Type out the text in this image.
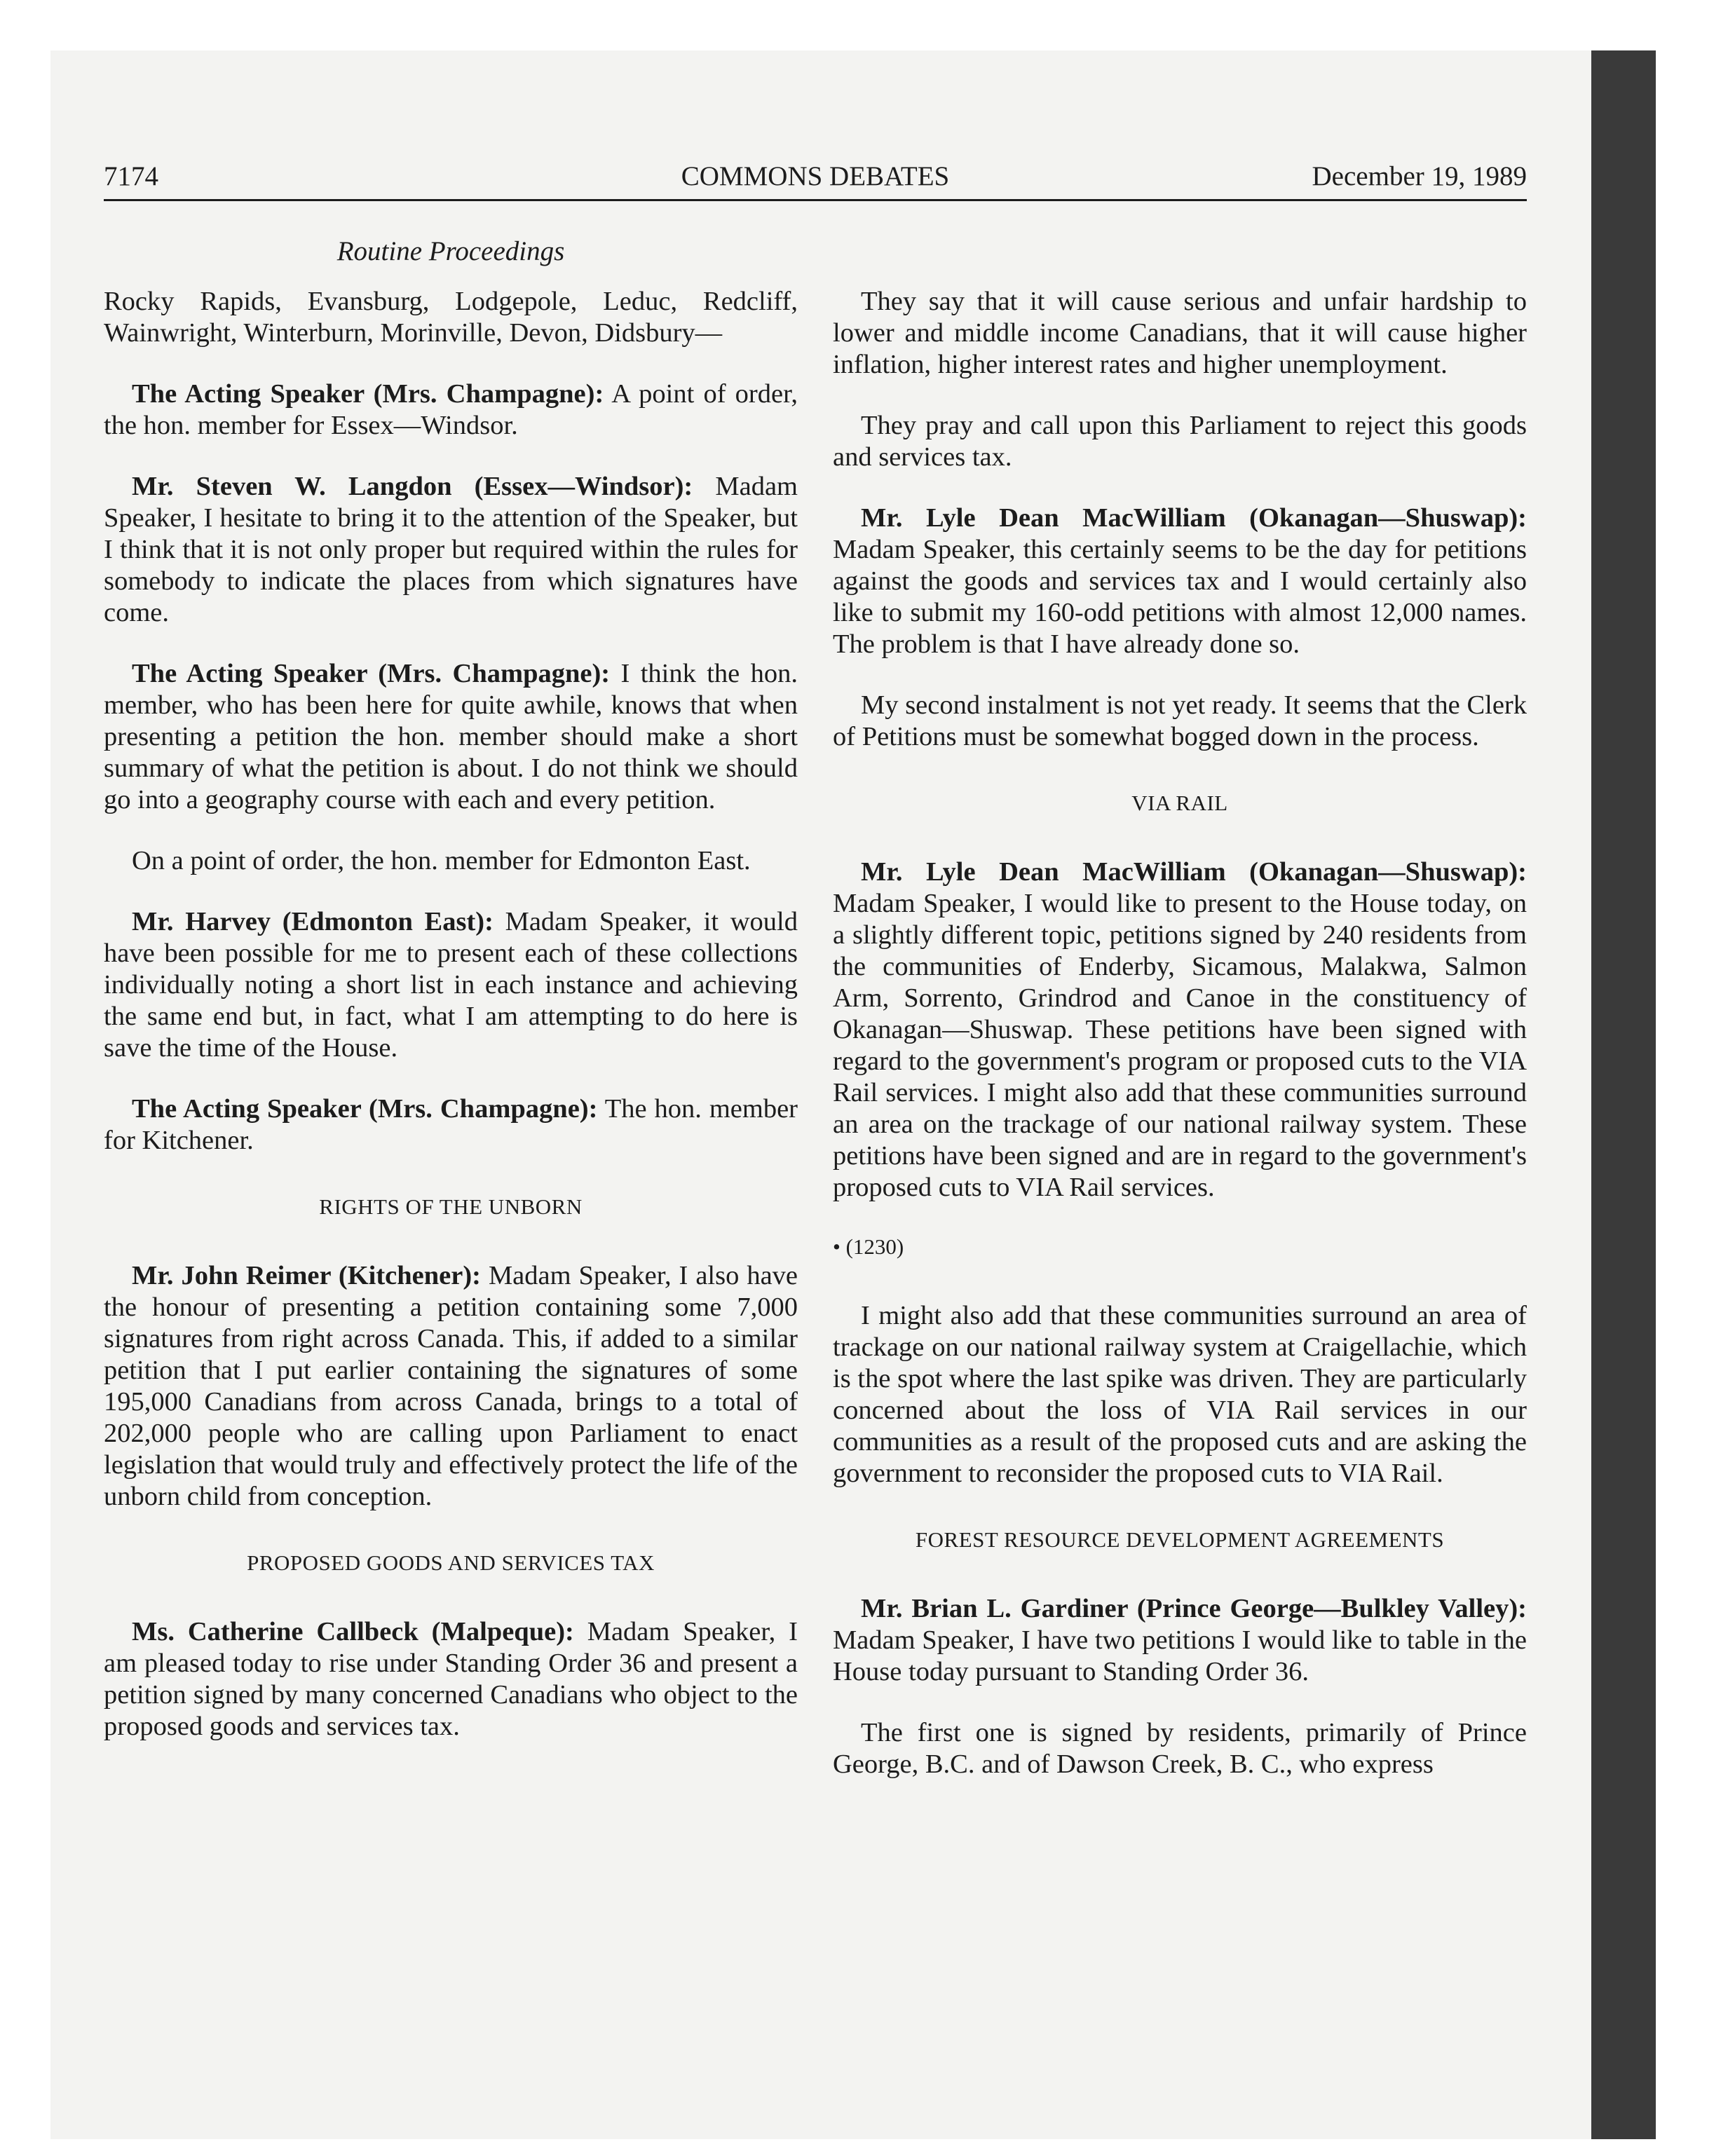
7174	COMMONS DEBATES	December 19, 1989
Routine Proceedings

Rocky Rapids, Evansburg, Lodgepole, Leduc, Redcliff, Wainwright, Winterburn, Morinville, Devon, Didsbury—

The Acting Speaker (Mrs. Champagne): A point of order, the hon. member for Essex—Windsor.

Mr. Steven W. Langdon (Essex—Windsor): Madam Speaker, I hesitate to bring it to the attention of the Speaker, but I think that it is not only proper but required within the rules for somebody to indicate the places from which signatures have come.

The Acting Speaker (Mrs. Champagne): I think the hon. member, who has been here for quite awhile, knows that when presenting a petition the hon. member should make a short summary of what the petition is about. I do not think we should go into a geography course with each and every petition.

On a point of order, the hon. member for Edmonton East.

Mr. Harvey (Edmonton East): Madam Speaker, it would have been possible for me to present each of these collections individually noting a short list in each instance and achieving the same end but, in fact, what I am attempting to do here is save the time of the House.

The Acting Speaker (Mrs. Champagne): The hon. member for Kitchener.

RIGHTS OF THE UNBORN

Mr. John Reimer (Kitchener): Madam Speaker, I also have the honour of presenting a petition containing some 7,000 signatures from right across Canada. This, if added to a similar petition that I put earlier containing the signatures of some 195,000 Canadians from across Canada, brings to a total of 202,000 people who are calling upon Parliament to enact legislation that would truly and effectively protect the life of the unborn child from conception.

PROPOSED GOODS AND SERVICES TAX

Ms. Catherine Callbeck (Malpeque): Madam Speaker, I am pleased today to rise under Standing Order 36 and present a petition signed by many concerned Canadians who object to the proposed goods and services tax.

They say that it will cause serious and unfair hardship to lower and middle income Canadians, that it will cause higher inflation, higher interest rates and higher unemployment.

They pray and call upon this Parliament to reject this goods and services tax.

Mr. Lyle Dean MacWilliam (Okanagan—Shuswap): Madam Speaker, this certainly seems to be the day for petitions against the goods and services tax and I would certainly also like to submit my 160-odd petitions with almost 12,000 names. The problem is that I have already done so.

My second instalment is not yet ready. It seems that the Clerk of Petitions must be somewhat bogged down in the process.

VIA RAIL

Mr. Lyle Dean MacWilliam (Okanagan—Shuswap): Madam Speaker, I would like to present to the House today, on a slightly different topic, petitions signed by 240 residents from the communities of Enderby, Sicamous, Malakwa, Salmon Arm, Sorrento, Grindrod and Canoe in the constituency of Okanagan—Shuswap. These petitions have been signed with regard to the government's program or proposed cuts to the VIA Rail services. I might also add that these communities surround an area on the trackage of our national railway system. These petitions have been signed and are in regard to the government's proposed cuts to VIA Rail services.

• (1230)

I might also add that these communities surround an area of trackage on our national railway system at Craigellachie, which is the spot where the last spike was driven. They are particularly concerned about the loss of VIA Rail services in our communities as a result of the proposed cuts and are asking the government to reconsider the proposed cuts to VIA Rail.

FOREST RESOURCE DEVELOPMENT AGREEMENTS

Mr. Brian L. Gardiner (Prince George—Bulkley Valley): Madam Speaker, I have two petitions I would like to table in the House today pursuant to Standing Order 36.

The first one is signed by residents, primarily of Prince George, B.C. and of Dawson Creek, B. C., who express
